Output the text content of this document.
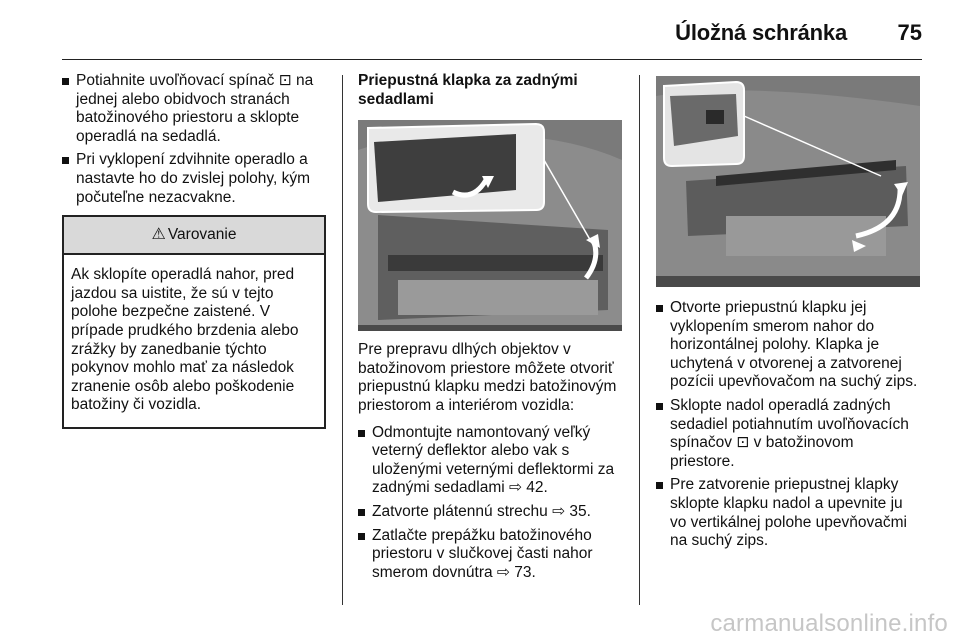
Úložná schránka 75
Potiahnite uvoľňovací spínač ⊡ na jednej alebo obidvoch stranách batožinového priestoru a sklopte operadlá na sedadlá.
Pri vyklopení zdvihnite operadlo a nastavte ho do zvislej polohy, kým počuteľne nezacvakne.
⚠ Varovanie
Ak sklopíte operadlá nahor, pred jazdou sa uistite, že sú v tejto polohe bezpečne zaistené. V prípade prudkého brzdenia alebo zrážky by zanedbanie týchto pokynov mohlo mať za následok zranenie osôb alebo poškodenie batožiny či vozidla.
Priepustná klapka za zadnými sedadlami
Pre prepravu dlhých objektov v batožinovom priestore môžete otvoriť priepustnú klapku medzi batožinovým priestorom a interiérom vozidla:
Odmontujte namontovaný veľký veterný deflektor alebo vak s uloženými veternými deflektormi za zadnými sedadlami ⇨ 42.
Zatvorte plátennú strechu ⇨ 35.
Zatlačte prepážku batožinového priestoru v slučkovej časti nahor smerom dovnútra ⇨ 73.
Otvorte priepustnú klapku jej vyklopením smerom nahor do horizontálnej polohy. Klapka je uchytená v otvorenej a zatvorenej pozícii upevňovačom na suchý zips.
Sklopte nadol operadlá zadných sedadiel potiahnutím uvoľňovacích spínačov ⊡ v batožinovom priestore.
Pre zatvorenie priepustnej klapky sklopte klapku nadol a upevnite ju vo vertikálnej polohe upevňovačmi na suchý zips.
carmanualsonline.info
